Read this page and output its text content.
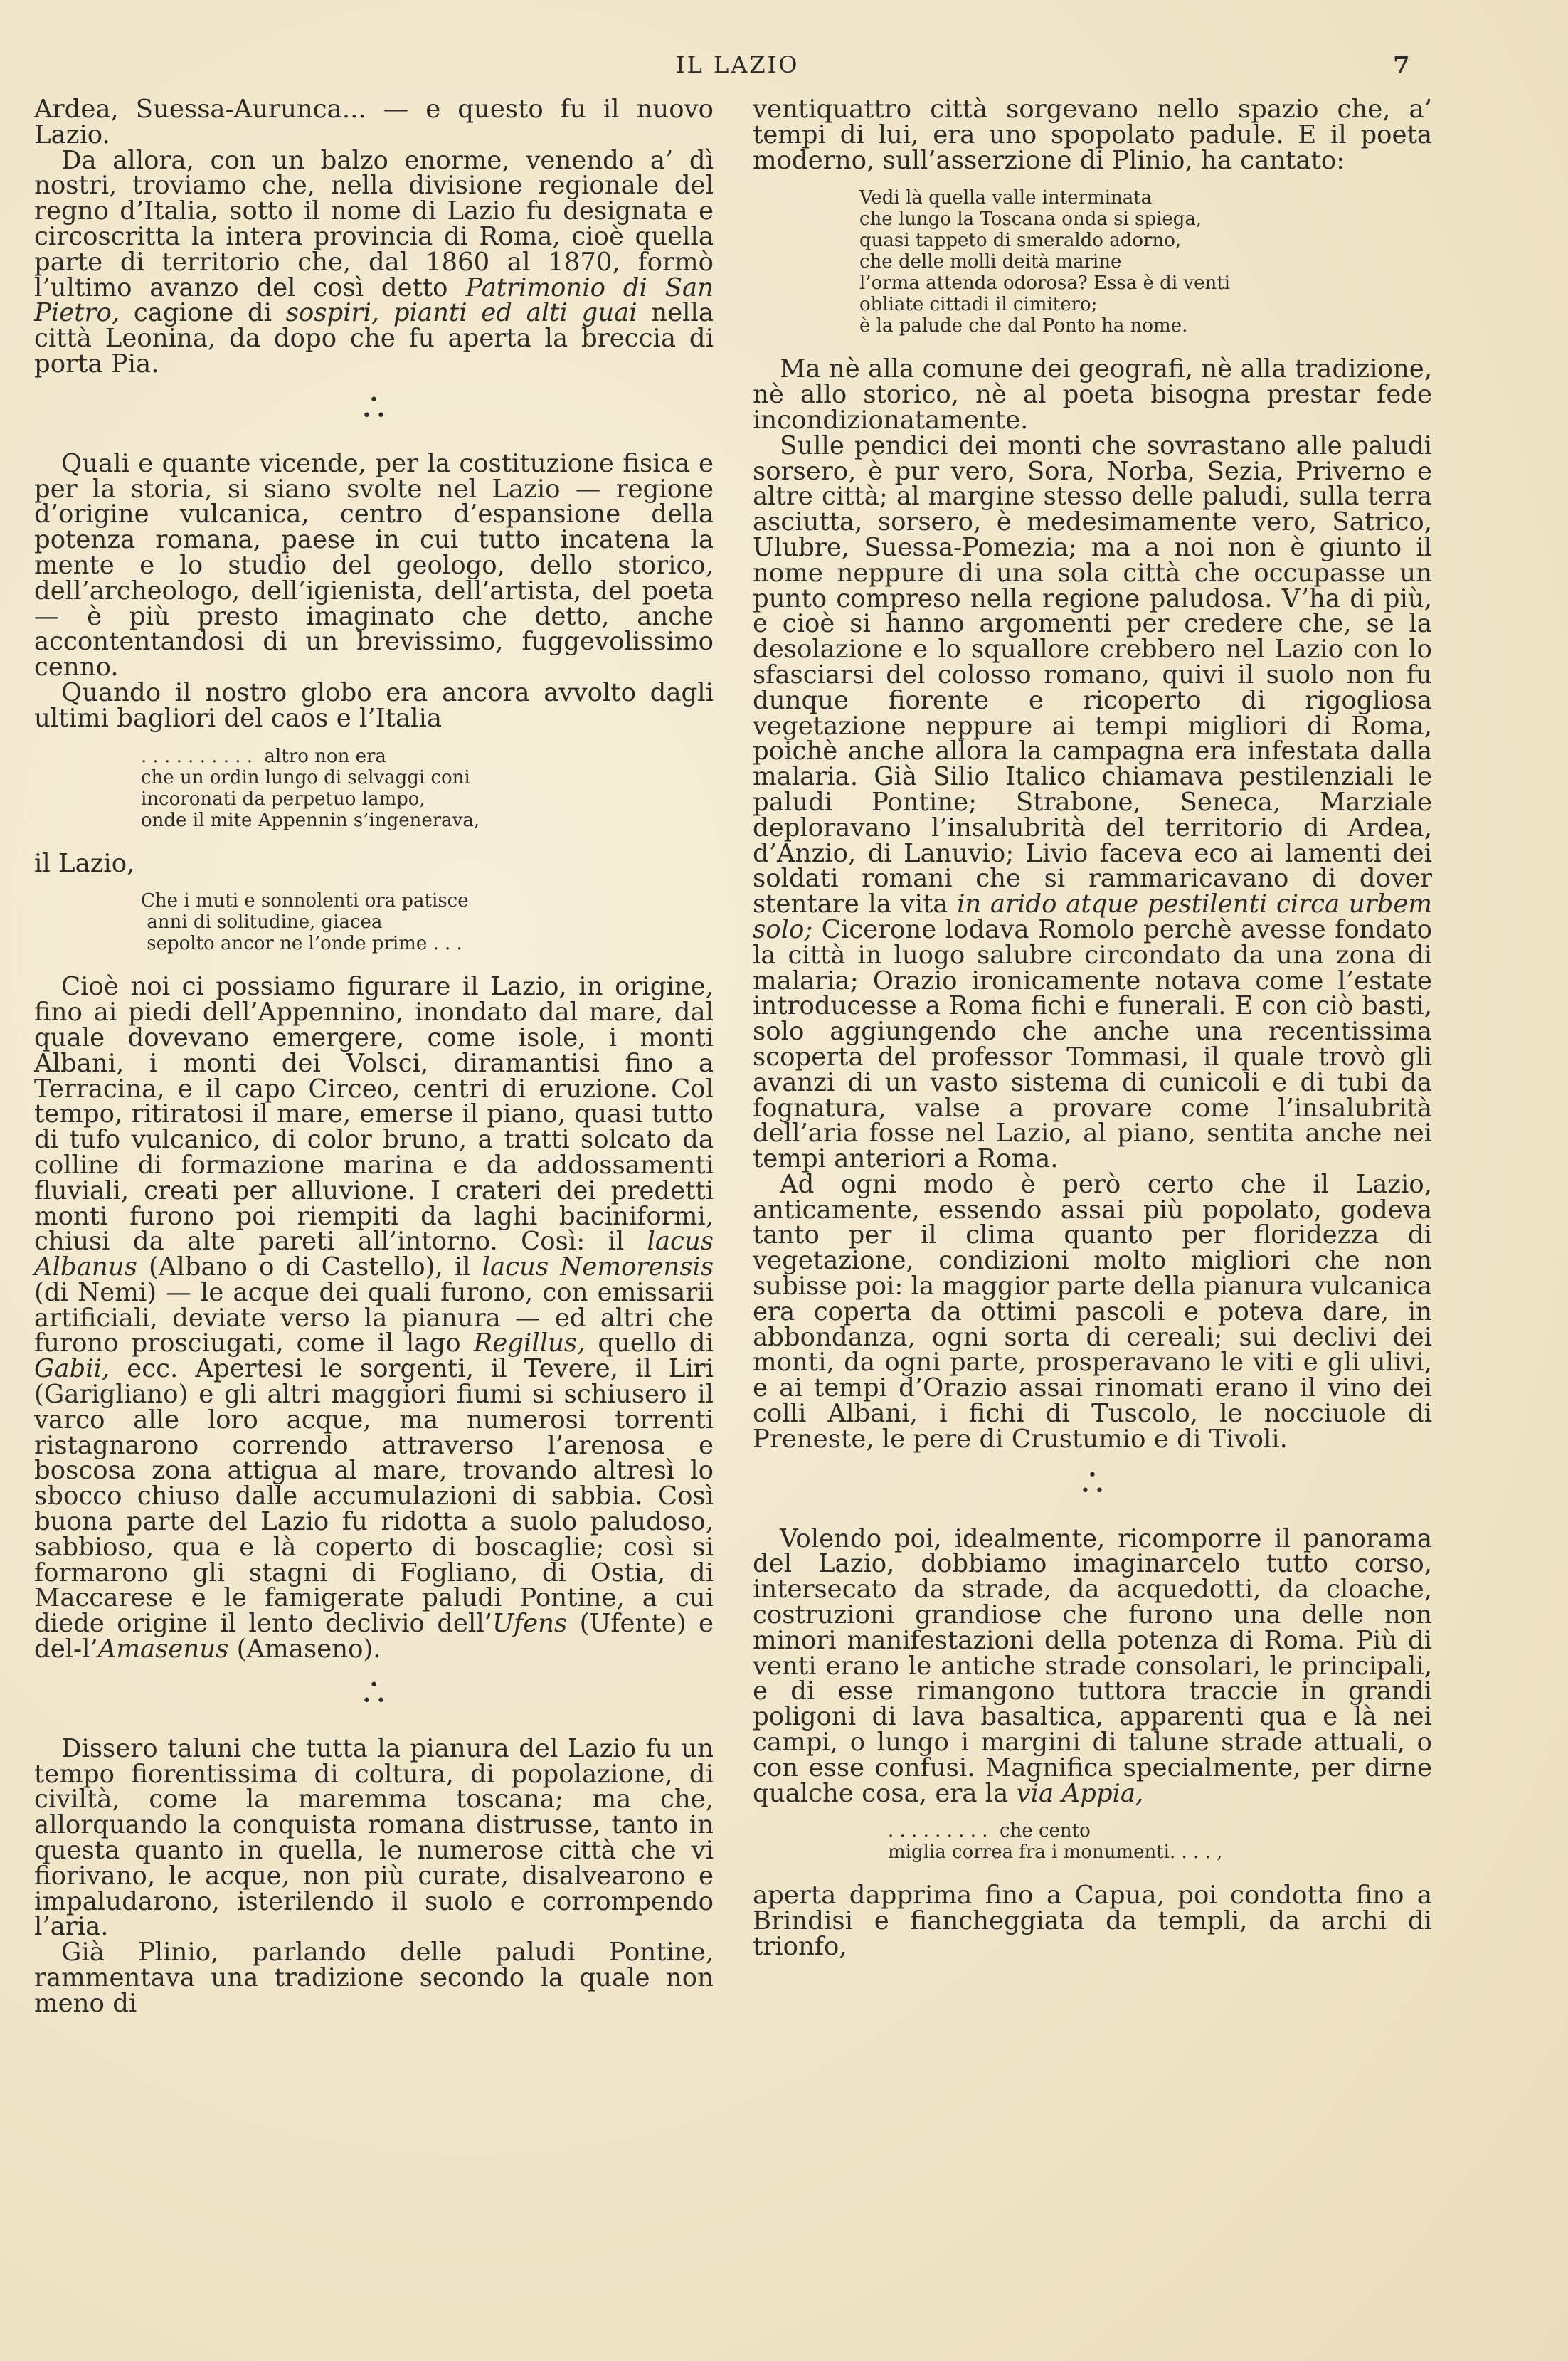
IL LAZIO	7

Ardea, Suessa-Aurunca... — e questo fu il nuovo Lazio.

Da allora, con un balzo enorme, venendo a’ dì nostri, troviamo che, nella divisione regionale del regno d’Italia, sotto il nome di Lazio fu designata e circoscritta la intera provincia di Roma, cioè quella parte di territorio che, dal 1860 al 1870, formò l’ultimo avanzo del così detto Patrimonio di San Pietro, cagione di sospiri, pianti ed alti guai nella città Leonina, da dopo che fu aperta la breccia di porta Pia.

•
• •

Quali e quante vicende, per la costituzione fisica e per la storia, si siano svolte nel Lazio — regione d’origine vulcanica, centro d’espansione della potenza romana, paese in cui tutto incatena la mente e lo studio del geologo, dello storico, dell’archeologo, dell’igienista, dell’artista, del poeta — è più presto imaginato che detto, anche accontentandosi di un brevissimo, fuggevolissimo cenno.

Quando il nostro globo era ancora avvolto dagli ultimi bagliori del caos e l’Italia

. . . . . . . . . .  altro non era
che un ordin lungo di selvaggi coni
incoronati da perpetuo lampo,
onde il mite Appennin s’ingenerava,

il Lazio,

Che i muti e sonnolenti ora patisce
anni di solitudine, giacea
sepolto ancor ne l’onde prime . . .

Cioè noi ci possiamo figurare il Lazio, in origine, fino ai piedi dell’Appennino, inondato dal mare, dal quale dovevano emergere, come isole, i monti Albani, i monti dei Volsci, diramantisi fino a Terracina, e il capo Circeo, centri di eruzione. Col tempo, ritiratosi il mare, emerse il piano, quasi tutto di tufo vulcanico, di color bruno, a tratti solcato da colline di formazione marina e da addossamenti fluviali, creati per alluvione. I crateri dei predetti monti furono poi riempiti da laghi baciniformi, chiusi da alte pareti all’intorno. Così: il lacus Albanus (Albano o di Castello), il lacus Nemorensis (di Nemi) — le acque dei quali furono, con emissarii artificiali, deviate verso la pianura — ed altri che furono prosciugati, come il lago Regillus, quello di Gabii, ecc. Apertesi le sorgenti, il Tevere, il Liri (Garigliano) e gli altri maggiori fiumi si schiusero il varco alle loro acque, ma numerosi torrenti ristagnarono correndo attraverso l’arenosa e boscosa zona attigua al mare, trovando altresì lo sbocco chiuso dalle accumulazioni di sabbia. Così buona parte del Lazio fu ridotta a suolo paludoso, sabbioso, qua e là coperto di boscaglie; così si formarono gli stagni di Fogliano, di Ostia, di Maccarese e le famigerate paludi Pontine, a cui diede origine il lento declivio dell’Ufens (Ufente) e del-l’Amasenus (Amaseno).

•
• •

Dissero taluni che tutta la pianura del Lazio fu un tempo fiorentissima di coltura, di popolazione, di civiltà, come la maremma toscana; ma che, allorquando la conquista romana distrusse, tanto in questa quanto in quella, le numerose città che vi fiorivano, le acque, non più curate, disalvearono e impaludarono, isterilendo il suolo e corrompendo l’aria.

Già Plinio, parlando delle paludi Pontine, rammentava una tradizione secondo la quale non meno di

ventiquattro città sorgevano nello spazio che, a’ tempi di lui, era uno spopolato padule. E il poeta moderno, sull’asserzione di Plinio, ha cantato:

Vedi là quella valle interminata
che lungo la Toscana onda si spiega,
quasi tappeto di smeraldo adorno,
che delle molli deità marine
l’orma attenda odorosa? Essa è di venti
obliate cittadi il cimitero;
è la palude che dal Ponto ha nome.

Ma nè alla comune dei geografi, nè alla tradizione, nè allo storico, nè al poeta bisogna prestar fede incondizionatamente.

Sulle pendici dei monti che sovrastano alle paludi sorsero, è pur vero, Sora, Norba, Sezia, Priverno e altre città; al margine stesso delle paludi, sulla terra asciutta, sorsero, è medesimamente vero, Satrico, Ulubre, Suessa-Pomezia; ma a noi non è giunto il nome neppure di una sola città che occupasse un punto compreso nella regione paludosa. V’ha di più, e cioè si hanno argomenti per credere che, se la desolazione e lo squallore crebbero nel Lazio con lo sfasciarsi del colosso romano, quivi il suolo non fu dunque fiorente e ricoperto di rigogliosa vegetazione neppure ai tempi migliori di Roma, poichè anche allora la campagna era infestata dalla malaria. Già Silio Italico chiamava pestilenziali le paludi Pontine; Strabone, Seneca, Marziale deploravano l’insalubrità del territorio di Ardea, d’Anzio, di Lanuvio; Livio faceva eco ai lamenti dei soldati romani che si rammaricavano di dover stentare la vita in arido atque pestilenti circa urbem solo; Cicerone lodava Romolo perchè avesse fondato la città in luogo salubre circondato da una zona di malaria; Orazio ironicamente notava come l’estate introducesse a Roma fichi e funerali. E con ciò basti, solo aggiungendo che anche una recentissima scoperta del professor Tommasi, il quale trovò gli avanzi di un vasto sistema di cunicoli e di tubi da fognatura, valse a provare come l’insalubrità dell’aria fosse nel Lazio, al piano, sentita anche nei tempi anteriori a Roma.

Ad ogni modo è però certo che il Lazio, anticamente, essendo assai più popolato, godeva tanto per il clima quanto per floridezza di vegetazione, condizioni molto migliori che non subisse poi: la maggior parte della pianura vulcanica era coperta da ottimi pascoli e poteva dare, in abbondanza, ogni sorta di cereali; sui declivi dei monti, da ogni parte, prosperavano le viti e gli ulivi, e ai tempi d’Orazio assai rinomati erano il vino dei colli Albani, i fichi di Tuscolo, le nocciuole di Preneste, le pere di Crustumio e di Tivoli.

•
• •

Volendo poi, idealmente, ricomporre il panorama del Lazio, dobbiamo imaginarcelo tutto corso, intersecato da strade, da acquedotti, da cloache, costruzioni grandiose che furono una delle non minori manifestazioni della potenza di Roma. Più di venti erano le antiche strade consolari, le principali, e di esse rimangono tuttora traccie in grandi poligoni di lava basaltica, apparenti qua e là nei campi, o lungo i margini di talune strade attuali, o con esse confusi. Magnifica specialmente, per dirne qualche cosa, era la via Appia,

. . . . . . . . .  che cento
miglia correa fra i monumenti. . . . ,

aperta dapprima fino a Capua, poi condotta fino a Brindisi e fiancheggiata da templi, da archi di trionfo,
